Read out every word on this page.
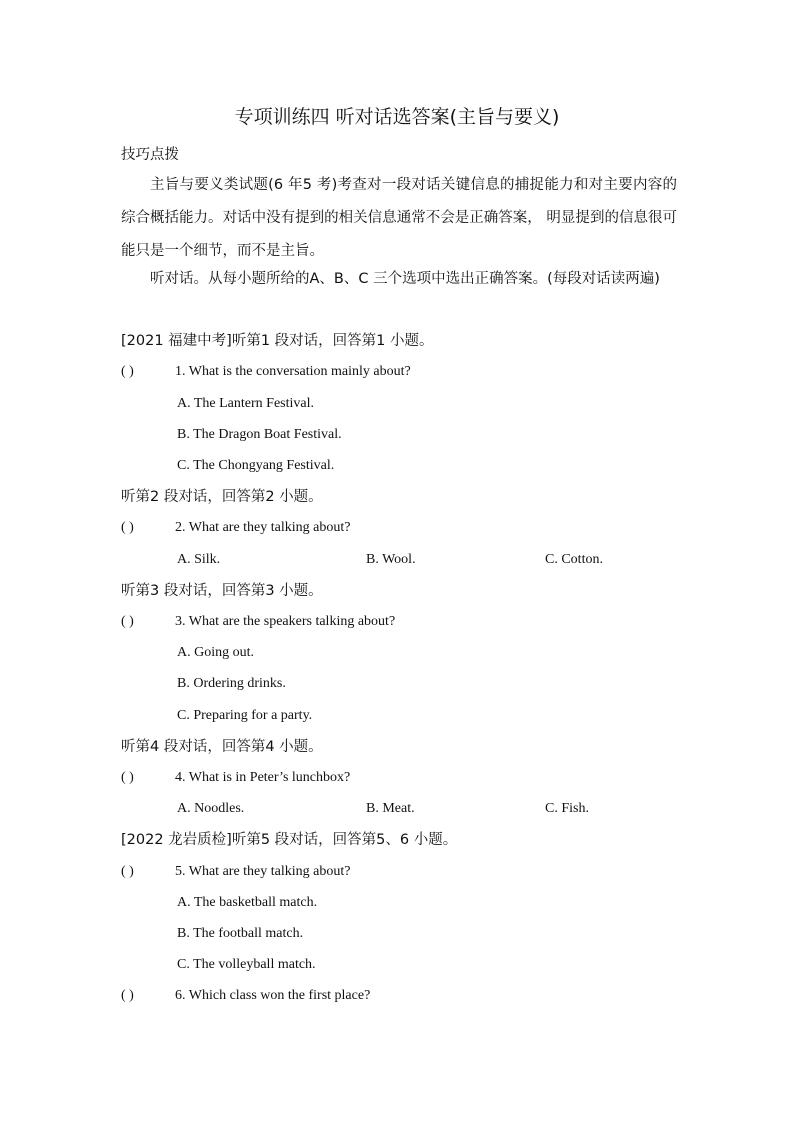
专项训练四 听对话选答案(主旨与要义)
技巧点拨
主旨与要义类试题(6 年5 考)考查对一段对话关键信息的捕捉能力和对主要内容的综合概括能力。对话中没有提到的相关信息通常不会是正确答案， 明显提到的信息很可能只是一个细节，而不是主旨。
听对话。从每小题所给的A、B、C 三个选项中选出正确答案。(每段对话读两遍)
[2021 福建中考]听第1 段对话，回答第1 小题。
( )	1. What is the conversation mainly about?
A. The Lantern Festival.
B. The Dragon Boat Festival.
C. The Chongyang Festival.
听第2 段对话，回答第2 小题。
( )	2. What are they talking about?
A. Silk.	B. Wool.	C. Cotton.
听第3 段对话，回答第3 小题。
( )	3. What are the speakers talking about?
A. Going out.
B. Ordering drinks.
C. Preparing for a party.
听第4 段对话，回答第4 小题。
( )	4. What is in Peter’s lunchbox?
A. Noodles.	B. Meat.	C. Fish.
[2022 龙岩质检]听第5 段对话，回答第5、6 小题。
( )	5. What are they talking about?
A. The basketball match.
B. The football match.
C. The volleyball match.
( )	6. Which class won the first place?
